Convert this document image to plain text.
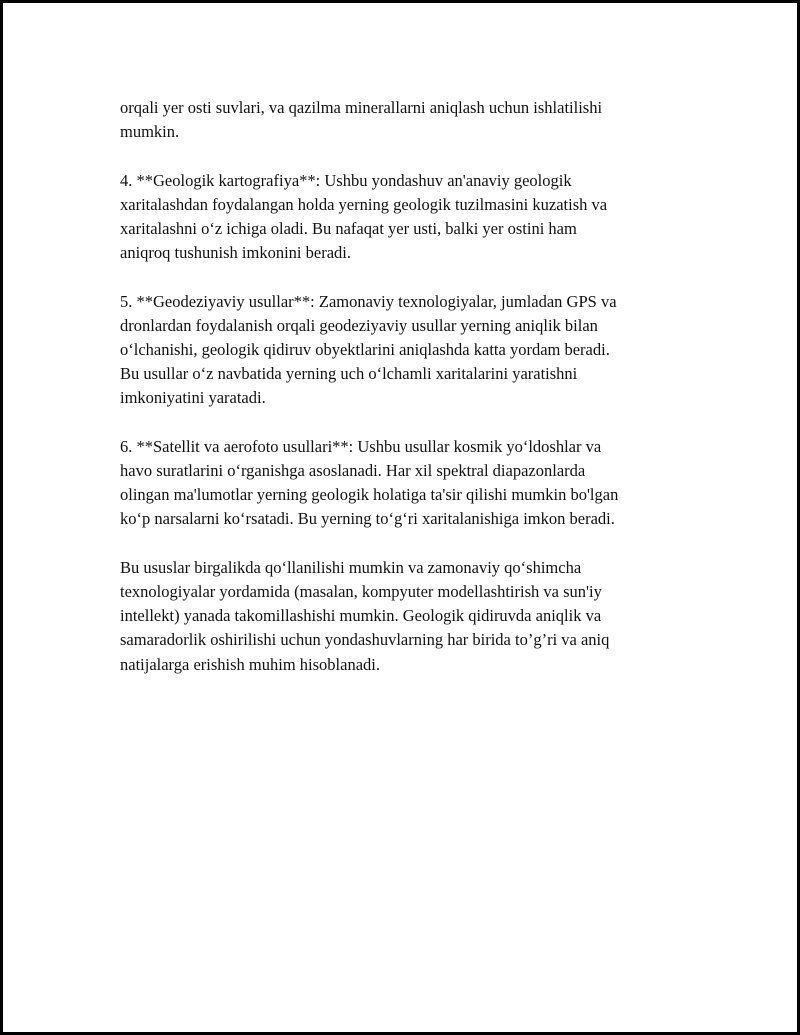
orqali yer osti suvlari, va qazilma minerallarni aniqlash uchun ishlatilishi
mumkin.

4. **Geologik kartografiya**: Ushbu yondashuv an'anaviy geologik
xaritalashdan foydalangan holda yerning geologik tuzilmasini kuzatish va
xaritalashni o‘z ichiga oladi. Bu nafaqat yer usti, balki yer ostini ham
aniqroq tushunish imkonini beradi.

5. **Geodeziyaviy usullar**: Zamonaviy texnologiyalar, jumladan GPS va
dronlardan foydalanish orqali geodeziyaviy usullar yerning aniqlik bilan
o‘lchanishi, geologik qidiruv obyektlarini aniqlashda katta yordam beradi.
Bu usullar o‘z navbatida yerning uch o‘lchamli xaritalarini yaratishni
imkoniyatini yaratadi.

6. **Satellit va aerofoto usullari**: Ushbu usullar kosmik yo‘ldoshlar va
havo suratlarini o‘rganishga asoslanadi. Har xil spektral diapazonlarda
olingan ma'lumotlar yerning geologik holatiga ta'sir qilishi mumkin bo'lgan
ko‘p narsalarni ko‘rsatadi. Bu yerning to‘g‘ri xaritalanishiga imkon beradi.

Bu ususlar birgalikda qo‘llanilishi mumkin va zamonaviy qo‘shimcha
texnologiyalar yordamida (masalan, kompyuter modellashtirish va sun'iy
intellekt) yanada takomillashishi mumkin. Geologik qidiruvda aniqlik va
samaradorlik oshirilishi uchun yondashuvlarning har birida to’g’ri va aniq
natijalarga erishish muhim hisoblanadi.
